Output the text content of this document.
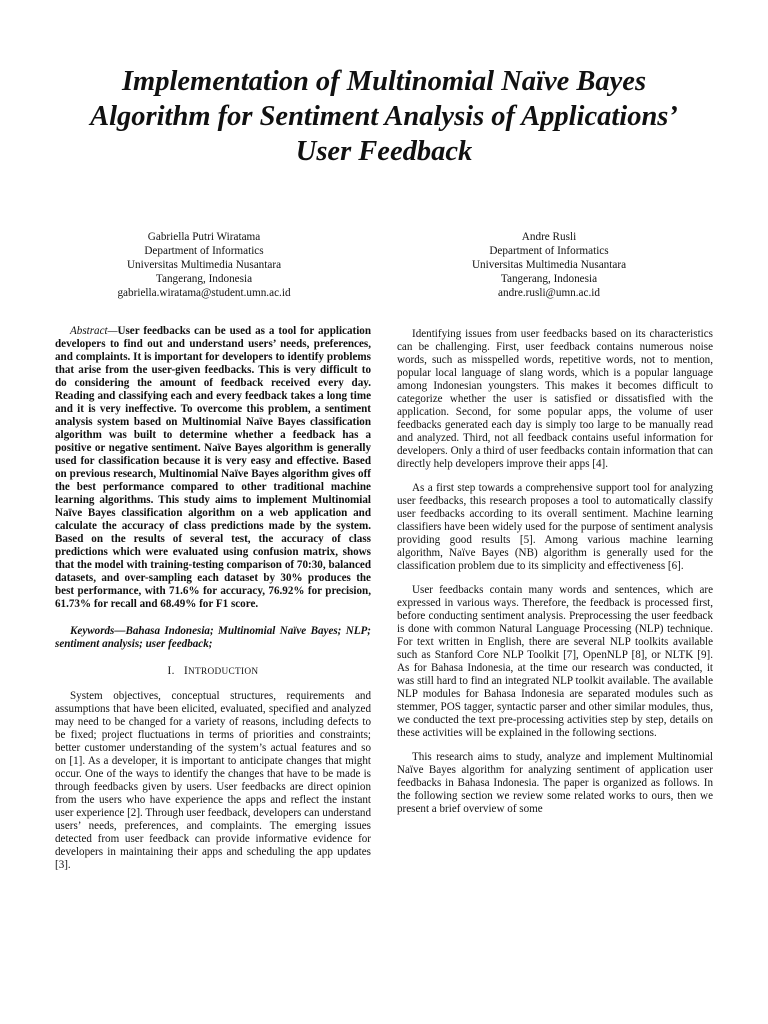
Implementation of Multinomial Naïve Bayes
Algorithm for Sentiment Analysis of Applications’
User Feedback
Gabriella Putri Wiratama
Department of Informatics
Universitas Multimedia Nusantara
Tangerang, Indonesia
gabriella.wiratama@student.umn.ac.id
Andre Rusli
Department of Informatics
Universitas Multimedia Nusantara
Tangerang, Indonesia
andre.rusli@umn.ac.id

Abstract—User feedbacks can be used as a tool for application developers to find out and understand users’ needs, preferences, and complaints. It is important for developers to identify problems that arise from the user-given feedbacks. This is very difficult to do considering the amount of feedback received every day. Reading and classifying each and every feedback takes a long time and it is very ineffective. To overcome this problem, a sentiment analysis system based on Multinomial Naïve Bayes classification algorithm was built to determine whether a feedback has a positive or negative sentiment. Naïve Bayes algorithm is generally used for classification because it is very easy and effective. Based on previous research, Multinomial Naïve Bayes algorithm gives off the best performance compared to other traditional machine learning algorithms. This study aims to implement Multinomial Naïve Bayes classification algorithm on a web application and calculate the accuracy of class predictions made by the system. Based on the results of several test, the accuracy of class predictions which were evaluated using confusion matrix, shows that the model with training-testing comparison of 70:30, balanced datasets, and over-sampling each dataset by 30% produces the best performance, with 71.6% for accuracy, 76.92% for precision, 61.73% for recall and 68.49% for F1 score.

Keywords—Bahasa Indonesia; Multinomial Naïve Bayes; NLP; sentiment analysis; user feedback;

I. INTRODUCTION

System objectives, conceptual structures, requirements and assumptions that have been elicited, evaluated, specified and analyzed may need to be changed for a variety of reasons, including defects to be fixed; project fluctuations in terms of priorities and constraints; better customer understanding of the system’s actual features and so on [1]. As a developer, it is important to anticipate changes that might occur. One of the ways to identify the changes that have to be made is through feedbacks given by users. User feedbacks are direct opinion from the users who have experience the apps and reflect the instant user experience [2]. Through user feedback, developers can understand users’ needs, preferences, and complaints. The emerging issues detected from user feedback can provide informative evidence for developers in maintaining their apps and scheduling the app updates [3].

Identifying issues from user feedbacks based on its characteristics can be challenging. First, user feedback contains numerous noise words, such as misspelled words, repetitive words, not to mention, popular local language of slang words, which is a popular language among Indonesian youngsters. This makes it becomes difficult to categorize whether the user is satisfied or dissatisfied with the application. Second, for some popular apps, the volume of user feedbacks generated each day is simply too large to be manually read and analyzed. Third, not all feedback contains useful information for developers. Only a third of user feedbacks contain information that can directly help developers improve their apps [4].

As a first step towards a comprehensive support tool for analyzing user feedbacks, this research proposes a tool to automatically classify user feedbacks according to its overall sentiment. Machine learning classifiers have been widely used for the purpose of sentiment analysis providing good results [5]. Among various machine learning algorithm, Naïve Bayes (NB) algorithm is generally used for the classification problem due to its simplicity and effectiveness [6].

User feedbacks contain many words and sentences, which are expressed in various ways. Therefore, the feedback is processed first, before conducting sentiment analysis. Preprocessing the user feedback is done with common Natural Language Processing (NLP) technique. For text written in English, there are several NLP toolkits available such as Stanford Core NLP Toolkit [7], OpenNLP [8], or NLTK [9]. As for Bahasa Indonesia, at the time our research was conducted, it was still hard to find an integrated NLP toolkit available. The available NLP modules for Bahasa Indonesia are separated modules such as stemmer, POS tagger, syntactic parser and other similar modules, thus, we conducted the text pre-processing activities step by step, details on these activities will be explained in the following sections.

This research aims to study, analyze and implement Multinomial Naïve Bayes algorithm for analyzing sentiment of application user feedbacks in Bahasa Indonesia. The paper is organized as follows. In the following section we review some related works to ours, then we present a brief overview of some
